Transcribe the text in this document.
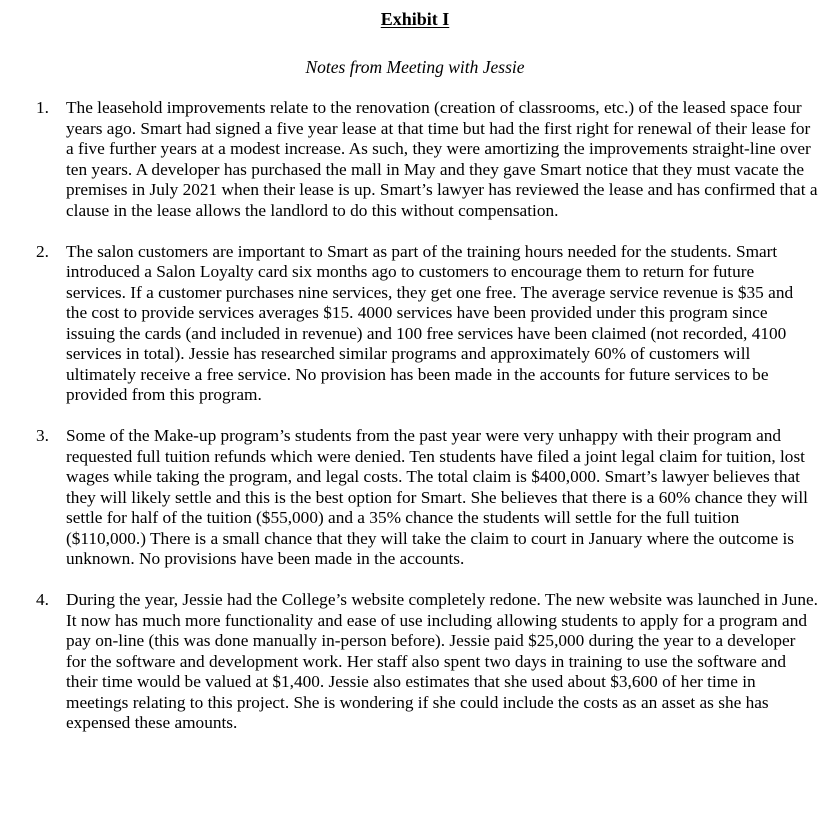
Exhibit I

Notes from Meeting with Jessie

1. The leasehold improvements relate to the renovation (creation of classrooms, etc.) of the leased space four years ago. Smart had signed a five year lease at that time but had the first right for renewal of their lease for a five further years at a modest increase. As such, they were amortizing the improvements straight-line over ten years. A developer has purchased the mall in May and they gave Smart notice that they must vacate the premises in July 2021 when their lease is up. Smart’s lawyer has reviewed the lease and has confirmed that a clause in the lease allows the landlord to do this without compensation.
2. The salon customers are important to Smart as part of the training hours needed for the students. Smart introduced a Salon Loyalty card six months ago to customers to encourage them to return for future services. If a customer purchases nine services, they get one free. The average service revenue is $35 and the cost to provide services averages $15. 4000 services have been provided under this program since issuing the cards (and included in revenue) and 100 free services have been claimed (not recorded, 4100 services in total). Jessie has researched similar programs and approximately 60% of customers will ultimately receive a free service. No provision has been made in the accounts for future services to be provided from this program.
3. Some of the Make-up program’s students from the past year were very unhappy with their program and requested full tuition refunds which were denied. Ten students have filed a joint legal claim for tuition, lost wages while taking the program, and legal costs. The total claim is $400,000. Smart’s lawyer believes that they will likely settle and this is the best option for Smart. She believes that there is a 60% chance they will settle for half of the tuition ($55,000) and a 35% chance the students will settle for the full tuition ($110,000.) There is a small chance that they will take the claim to court in January where the outcome is unknown. No provisions have been made in the accounts.
4. During the year, Jessie had the College’s website completely redone. The new website was launched in June. It now has much more functionality and ease of use including allowing students to apply for a program and pay on-line (this was done manually in-person before). Jessie paid $25,000 during the year to a developer for the software and development work. Her staff also spent two days in training to use the software and their time would be valued at $1,400. Jessie also estimates that she used about $3,600 of her time in meetings relating to this project. She is wondering if she could include the costs as an asset as she has expensed these amounts.
